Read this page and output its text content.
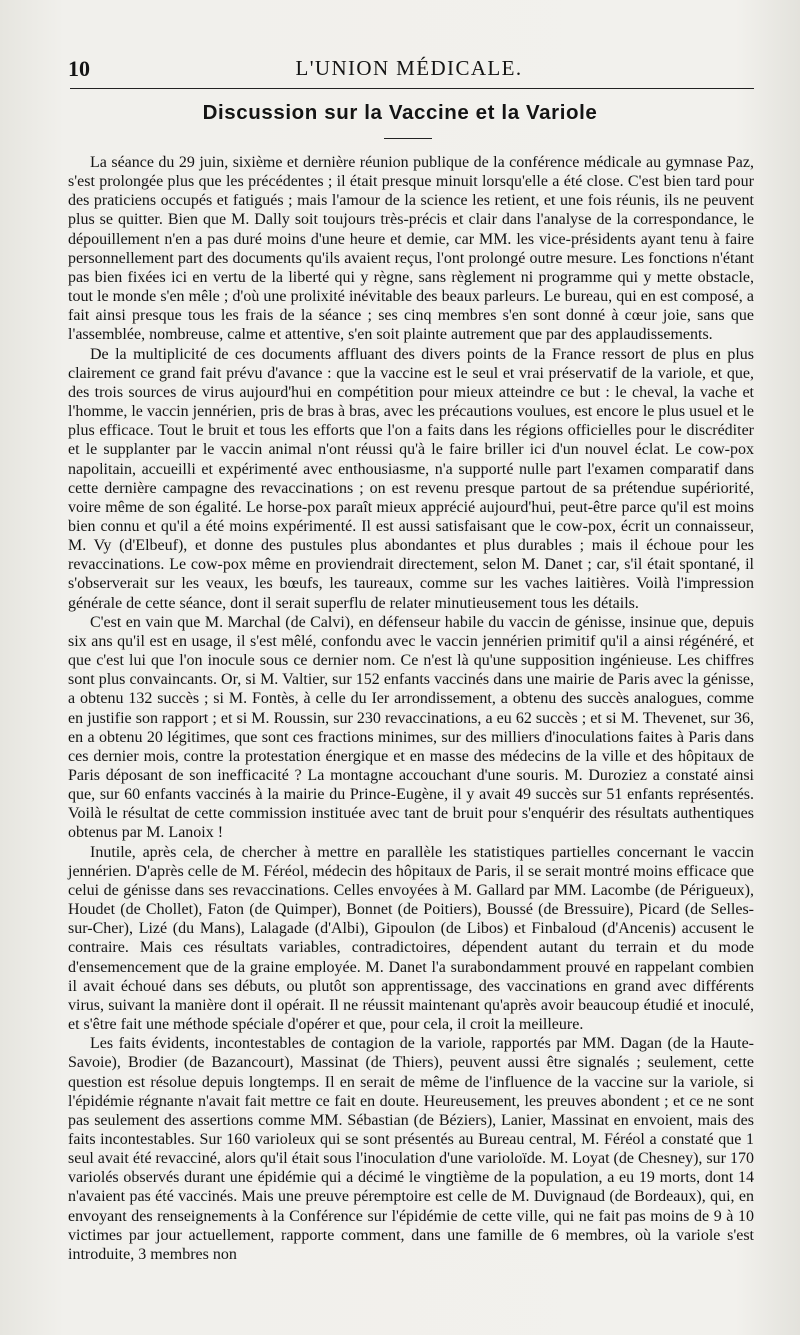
10	L'UNION MÉDICALE.
Discussion sur la Vaccine et la Variole

La séance du 29 juin, sixième et dernière réunion publique de la conférence médicale au gymnase Paz, s'est prolongée plus que les précédentes ; il était presque minuit lorsqu'elle a été close. C'est bien tard pour des praticiens occupés et fatigués ; mais l'amour de la science les retient, et une fois réunis, ils ne peuvent plus se quitter. Bien que M. Dally soit toujours très-précis et clair dans l'analyse de la correspondance, le dépouillement n'en a pas duré moins d'une heure et demie, car MM. les vice-présidents ayant tenu à faire personnellement part des documents qu'ils avaient reçus, l'ont prolongé outre mesure. Les fonctions n'étant pas bien fixées ici en vertu de la liberté qui y règne, sans règlement ni programme qui y mette obstacle, tout le monde s'en mêle ; d'où une prolixité inévitable des beaux parleurs. Le bureau, qui en est composé, a fait ainsi presque tous les frais de la séance ; ses cinq membres s'en sont donné à cœur joie, sans que l'assemblée, nombreuse, calme et attentive, s'en soit plainte autrement que par des applaudissements.

De la multiplicité de ces documents affluant des divers points de la France ressort de plus en plus clairement ce grand fait prévu d'avance : que la vaccine est le seul et vrai préservatif de la variole, et que, des trois sources de virus aujourd'hui en compétition pour mieux atteindre ce but : le cheval, la vache et l'homme, le vaccin jennérien, pris de bras à bras, avec les précautions voulues, est encore le plus usuel et le plus efficace. Tout le bruit et tous les efforts que l'on a faits dans les régions officielles pour le discréditer et le supplanter par le vaccin animal n'ont réussi qu'à le faire briller ici d'un nouvel éclat. Le cow-pox napolitain, accueilli et expérimenté avec enthousiasme, n'a supporté nulle part l'examen comparatif dans cette dernière campagne des revaccinations ; on est revenu presque partout de sa prétendue supériorité, voire même de son égalité. Le horse-pox paraît mieux apprécié aujourd'hui, peut-être parce qu'il est moins bien connu et qu'il a été moins expérimenté. Il est aussi satisfaisant que le cow-pox, écrit un connaisseur, M. Vy (d'Elbeuf), et donne des pustules plus abondantes et plus durables ; mais il échoue pour les revaccinations. Le cow-pox même en proviendrait directement, selon M. Danet ; car, s'il était spontané, il s'observerait sur les veaux, les bœufs, les taureaux, comme sur les vaches laitières. Voilà l'impression générale de cette séance, dont il serait superflu de relater minutieusement tous les détails.

C'est en vain que M. Marchal (de Calvi), en défenseur habile du vaccin de génisse, insinue que, depuis six ans qu'il est en usage, il s'est mêlé, confondu avec le vaccin jennérien primitif qu'il a ainsi régénéré, et que c'est lui que l'on inocule sous ce dernier nom. Ce n'est là qu'une supposition ingénieuse. Les chiffres sont plus convaincants. Or, si M. Valtier, sur 152 enfants vaccinés dans une mairie de Paris avec la génisse, a obtenu 132 succès ; si M. Fontès, à celle du Ier arrondissement, a obtenu des succès analogues, comme en justifie son rapport ; et si M. Roussin, sur 230 revaccinations, a eu 62 succès ; et si M. Thevenet, sur 36, en a obtenu 20 légitimes, que sont ces fractions minimes, sur des milliers d'inoculations faites à Paris dans ces dernier mois, contre la protestation énergique et en masse des médecins de la ville et des hôpitaux de Paris déposant de son inefficacité ? La montagne accouchant d'une souris. M. Duroziez a constaté ainsi que, sur 60 enfants vaccinés à la mairie du Prince-Eugène, il y avait 49 succès sur 51 enfants représentés. Voilà le résultat de cette commission instituée avec tant de bruit pour s'enquérir des résultats authentiques obtenus par M. Lanoix !

Inutile, après cela, de chercher à mettre en parallèle les statistiques partielles concernant le vaccin jennérien. D'après celle de M. Féréol, médecin des hôpitaux de Paris, il se serait montré moins efficace que celui de génisse dans ses revaccinations. Celles envoyées à M. Gallard par MM. Lacombe (de Périgueux), Houdet (de Chollet), Faton (de Quimper), Bonnet (de Poitiers), Boussé (de Bressuire), Picard (de Selles-sur-Cher), Lizé (du Mans), Lalagade (d'Albi), Gipoulon (de Libos) et Finbaloud (d'Ancenis) accusent le contraire. Mais ces résultats variables, contradictoires, dépendent autant du terrain et du mode d'ensemencement que de la graine employée. M. Danet l'a surabondamment prouvé en rappelant combien il avait échoué dans ses débuts, ou plutôt son apprentissage, des vaccinations en grand avec différents virus, suivant la manière dont il opérait. Il ne réussit maintenant qu'après avoir beaucoup étudié et inoculé, et s'être fait une méthode spéciale d'opérer et que, pour cela, il croit la meilleure.

Les faits évidents, incontestables de contagion de la variole, rapportés par MM. Dagan (de la Haute-Savoie), Brodier (de Bazancourt), Massinat (de Thiers), peuvent aussi être signalés ; seulement, cette question est résolue depuis longtemps. Il en serait de même de l'influence de la vaccine sur la variole, si l'épidémie régnante n'avait fait mettre ce fait en doute. Heureusement, les preuves abondent ; et ce ne sont pas seulement des assertions comme MM. Sébastian (de Béziers), Lanier, Massinat en envoient, mais des faits incontestables. Sur 160 varioleux qui se sont présentés au Bureau central, M. Féréol a constaté que 1 seul avait été revacciné, alors qu'il était sous l'inoculation d'une varioloïde. M. Loyat (de Chesney), sur 170 variolés observés durant une épidémie qui a décimé le vingtième de la population, a eu 19 morts, dont 14 n'avaient pas été vaccinés. Mais une preuve péremptoire est celle de M. Duvignaud (de Bordeaux), qui, en envoyant des renseignements à la Conférence sur l'épidémie de cette ville, qui ne fait pas moins de 9 à 10 victimes par jour actuellement, rapporte comment, dans une famille de 6 membres, où la variole s'est introduite, 3 membres non
